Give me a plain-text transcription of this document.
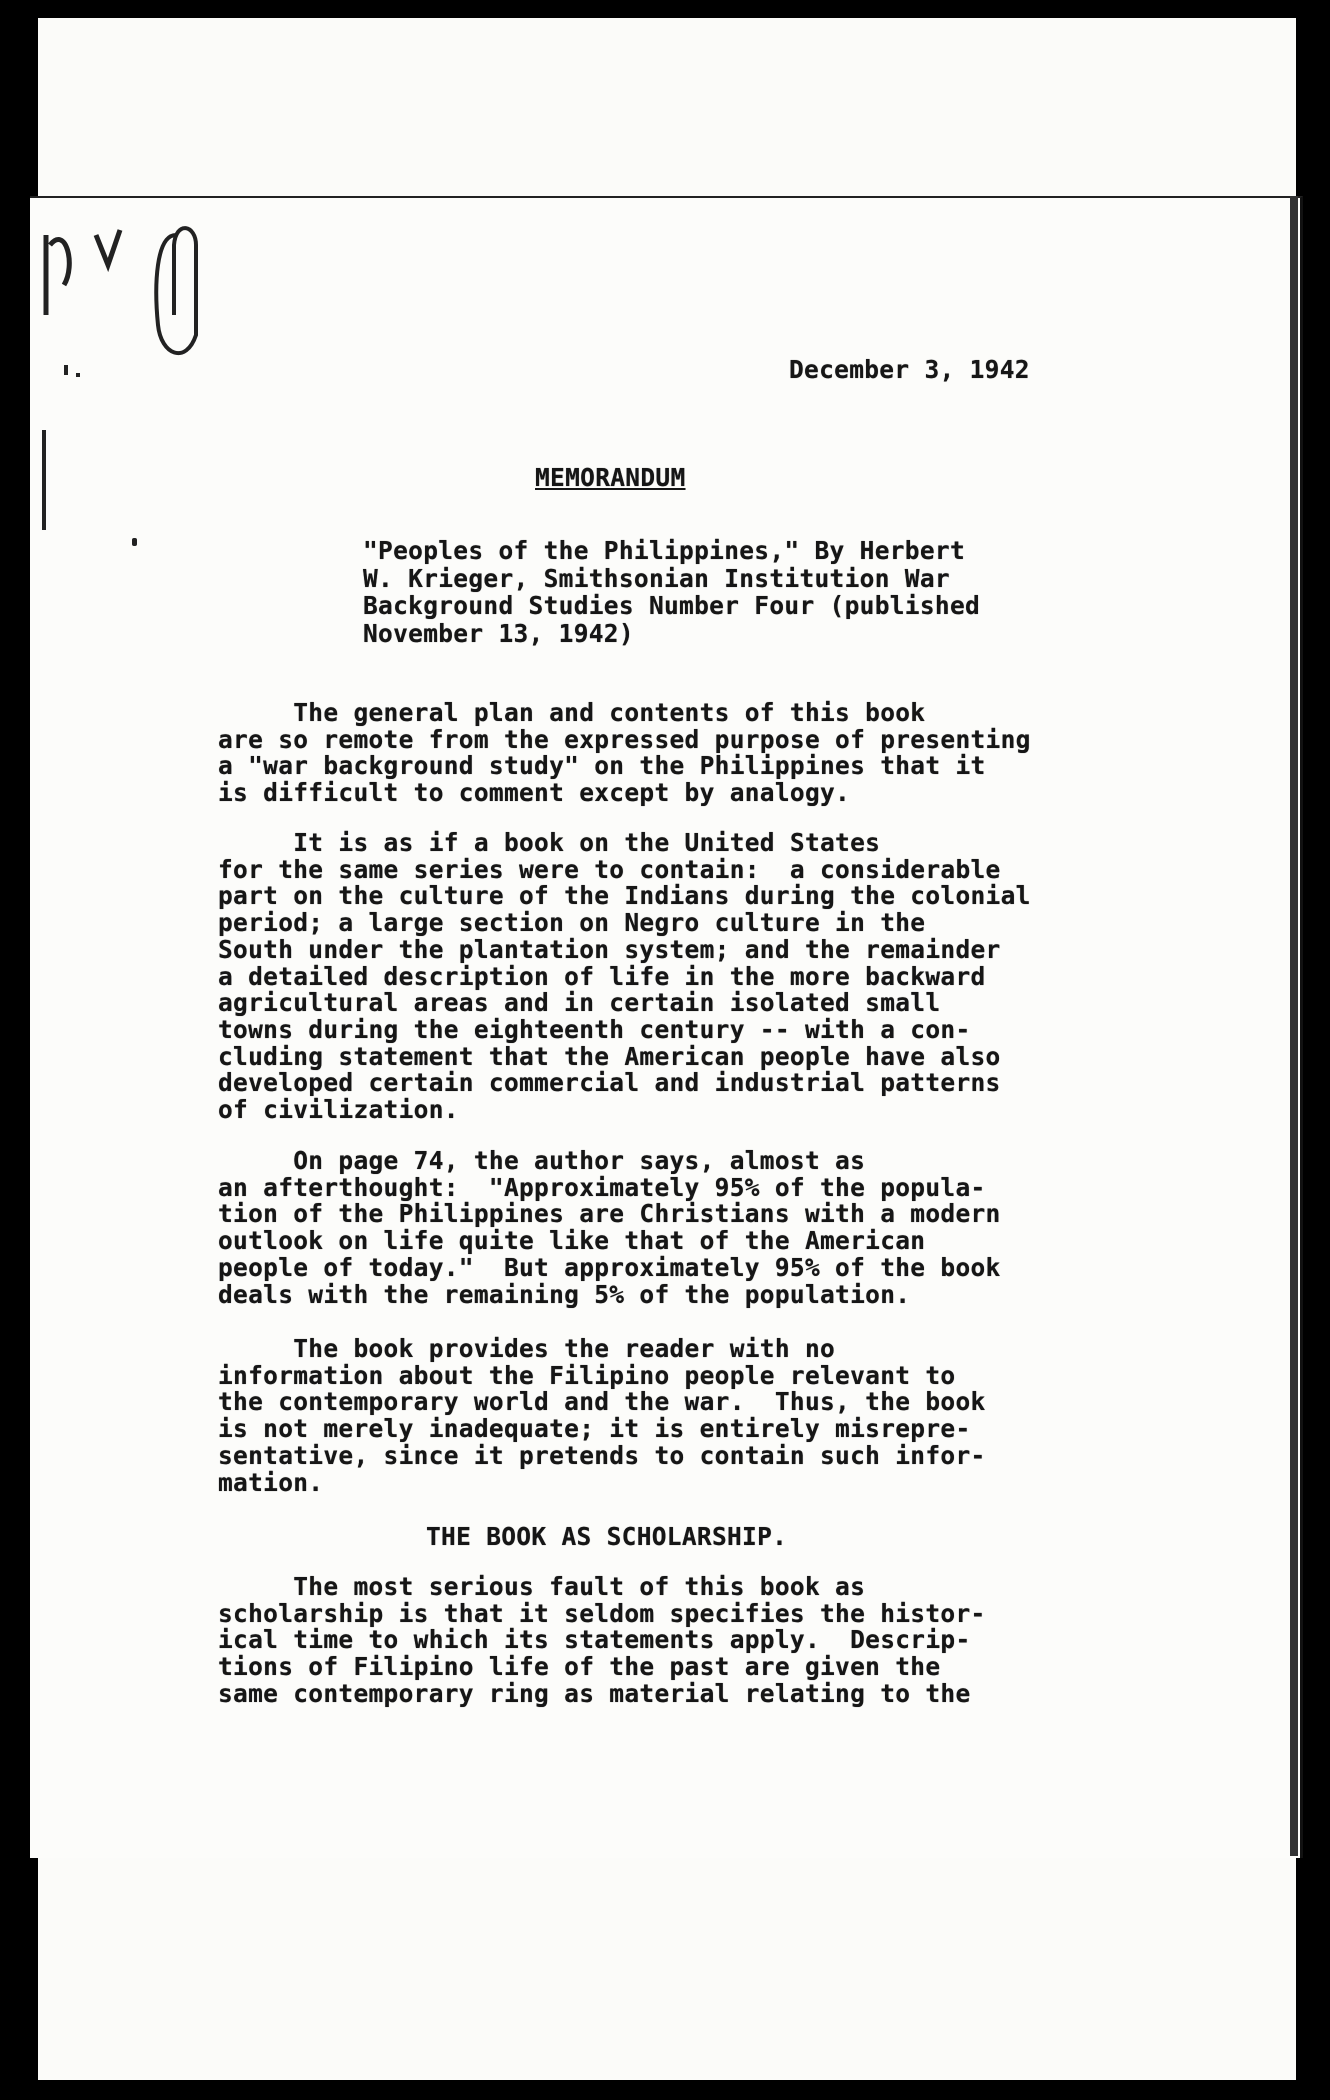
December 3, 1942
MEMORANDUM
"Peoples of the Philippines," By Herbert
W. Krieger, Smithsonian Institution War
Background Studies Number Four (published
November 13, 1942)
The general plan and contents of this book
are so remote from the expressed purpose of presenting
a "war background study" on the Philippines that it
is difficult to comment except by analogy.
It is as if a book on the United States
for the same series were to contain:  a considerable
part on the culture of the Indians during the colonial
period; a large section on Negro culture in the
South under the plantation system; and the remainder
a detailed description of life in the more backward
agricultural areas and in certain isolated small
towns during the eighteenth century -- with a con-
cluding statement that the American people have also
developed certain commercial and industrial patterns
of civilization.
On page 74, the author says, almost as
an afterthought:  "Approximately 95% of the popula-
tion of the Philippines are Christians with a modern
outlook on life quite like that of the American
people of today."  But approximately 95% of the book
deals with the remaining 5% of the population.
The book provides the reader with no
information about the Filipino people relevant to
the contemporary world and the war.  Thus, the book
is not merely inadequate; it is entirely misrepre-
sentative, since it pretends to contain such infor-
mation.
THE BOOK AS SCHOLARSHIP.
The most serious fault of this book as
scholarship is that it seldom specifies the histor-
ical time to which its statements apply.  Descrip-
tions of Filipino life of the past are given the
same contemporary ring as material relating to the
